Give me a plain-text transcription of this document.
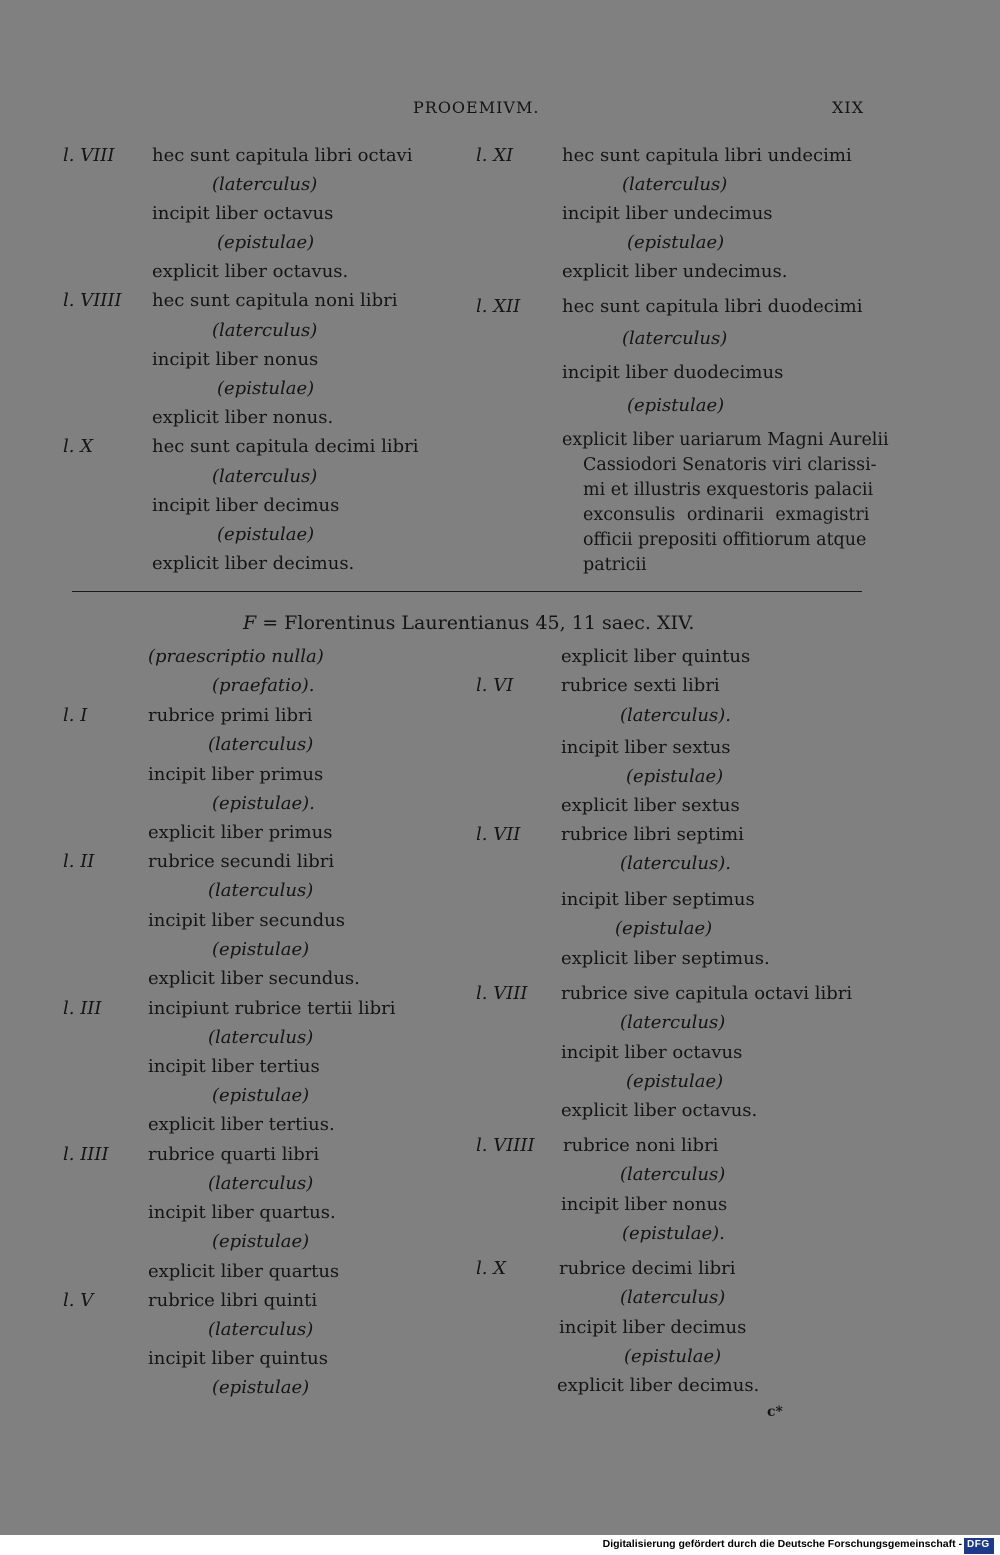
PROOEMIVM.	XIX
l. VIII hec sunt capitula libri octavi
(laterculus)
incipit liber octavus
(epistulae)
explicit liber octavus.
l. VIIII hec sunt capitula noni libri
(laterculus)
incipit liber nonus
(epistulae)
explicit liber nonus.
l. X	hec sunt capitula decimi libri
(laterculus)
incipit liber decimus
(epistulae)
explicit liber decimus.
l. XI	hec sunt capitula libri undecimi
(laterculus)
incipit liber undecimus
(epistulae)
explicit liber undecimus.
l. XII hec sunt capitula libri duodecimi
(laterculus)
incipit liber duodecimus
(epistulae)
explicit liber uariarum Magni Aurelii
Cassiodori Senatoris viri clarissi-
mi et illustris exquestoris palacii
exconsulis ordinarii exmagistri
officii prepositi offitiorum atque
patricii
F = Florentinus Laurentianus 45, 11 saec. XIV.
(praescriptio nulla)
(praefatio).
l. I	rubrice primi libri
(laterculus)
incipit liber primus
(epistulae).
explicit liber primus
l. II	rubrice secundi libri
(laterculus)
incipit liber secundus
(epistulae)
explicit liber secundus.
l. III	incipiunt rubrice tertii libri
(laterculus)
incipit liber tertius
(epistulae)
explicit liber tertius.
l. IIII rubrice quarti libri
(laterculus)
incipit liber quartus.
(epistulae)
explicit liber quartus
l. V	rubrice libri quinti
(laterculus)
incipit liber quintus
(epistulae)
explicit liber quintus
l. VI	rubrice sexti libri
(laterculus).
incipit liber sextus
(epistulae)
explicit liber sextus
l. VII rubrice libri septimi
(laterculus).
incipit liber septimus
(epistulae)
explicit liber septimus.
l. VIII rubrice sive capitula octavi libri
(laterculus)
incipit liber octavus
(epistulae)
explicit liber octavus.
l. VIIII rubrice noni libri
(laterculus)
incipit liber nonus
(epistulae).
l. X	rubrice decimi libri
(laterculus)
incipit liber decimus
(epistulae)
explicit liber decimus.
c*
Digitalisierung gefördert durch die Deutsche Forschungsgemeinschaft - DFG
